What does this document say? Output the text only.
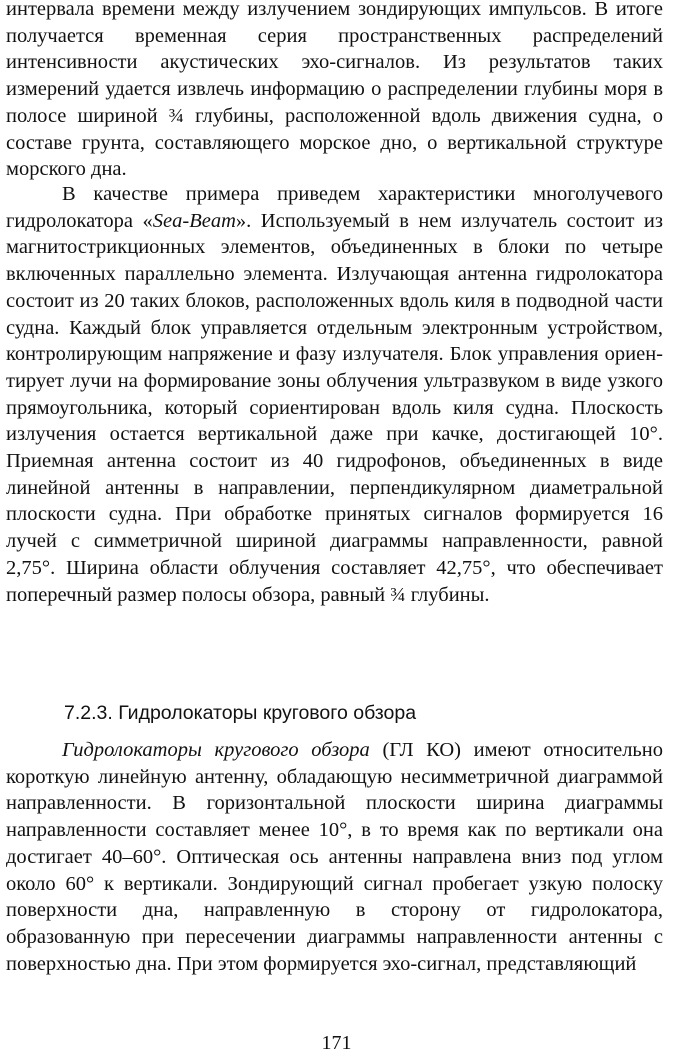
интервала времени между излучением зондирующих импульсов. В итоге получается временная серия пространственных распределений интенсивности акустических эхо-сигналов. Из результатов таких измерений удается извлечь информацию о распределении глубины моря в полосе шириной ¾ глубины, расположенной вдоль движения судна, о составе грунта, составляющего морское дно, о вертикальной структуре морского дна.

В качестве примера приведем характеристики многолучевого гидролокатора «Sea-Beam». Используемый в нем излучатель состоит из магнитострикционных элементов, объединенных в блоки по четыре включенных параллельно элемента. Излучающая антенна гидролокатора состоит из 20 таких блоков, расположенных вдоль киля в подводной части судна. Каждый блок управляется отдельным электронным устройством, контролирующим напряжение и фазу излучателя. Блок управления ориентирует лучи на формирование зоны облучения ультразвуком в виде узкого прямоугольника, который сориентирован вдоль киля судна. Плоскость излучения остается вертикальной даже при качке, достигающей 10°. Приемная антенна состоит из 40 гидрофонов, объединенных в виде линейной антенны в направлении, перпендикулярном диаметральной плоскости судна. При обработке принятых сигналов формируется 16 лучей с симметричной шириной диаграммы направленности, равной 2,75°. Ширина области облучения составляет 42,75°, что обеспечивает поперечный размер полосы обзора, равный ¾ глубины.

7.2.3. Гидролокаторы кругового обзора

Гидролокаторы кругового обзора (ГЛ КО) имеют относительно короткую линейную антенну, обладающую несимметричной диаграммой направленности. В горизонтальной плоскости ширина диаграммы направленности составляет менее 10°, в то время как по вертикали она достигает 40–60°. Оптическая ось антенны направлена вниз под углом около 60° к вертикали. Зондирующий сигнал пробегает узкую полоску поверхности дна, направленную в сторону от гидролокатора, образованную при пересечении диаграммы направленности антенны с поверхностью дна. При этом формируется эхо-сигнал, представляющий

171
